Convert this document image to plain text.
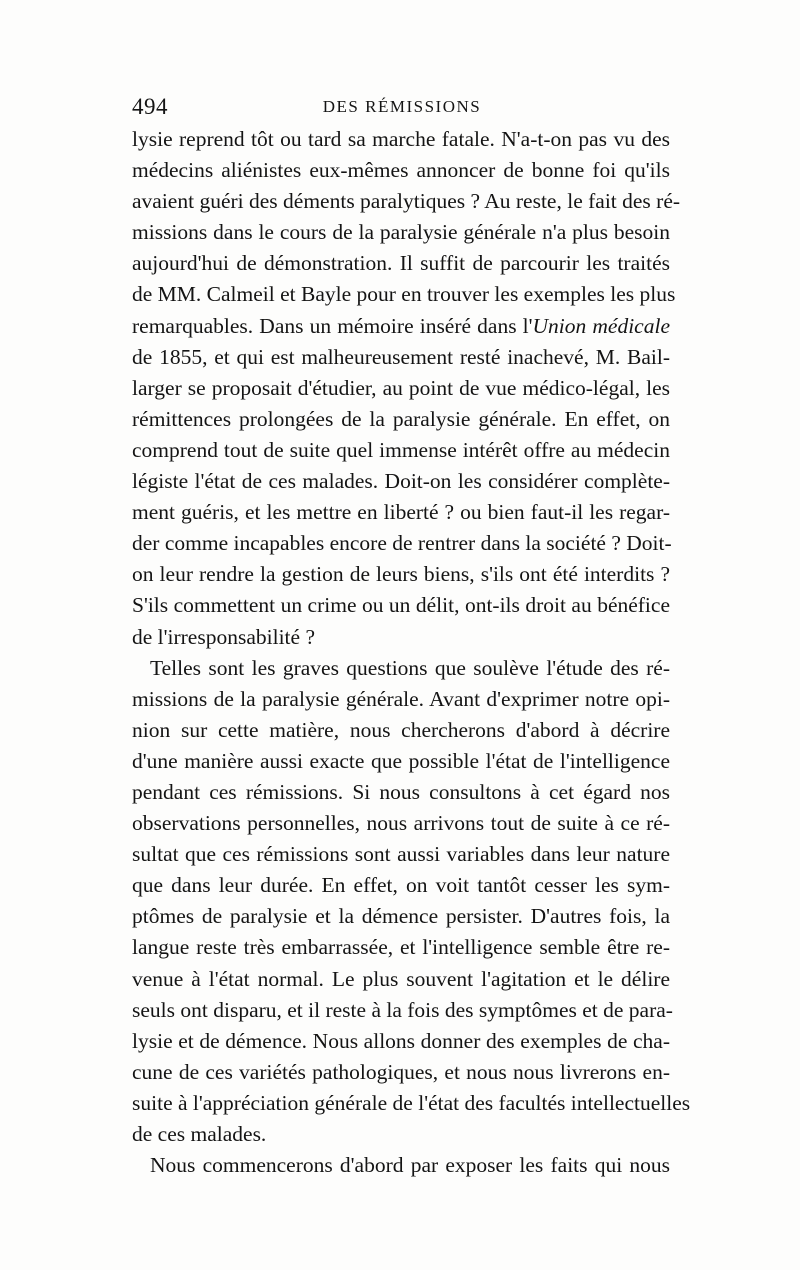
494	DES RÉMISSIONS
lysie reprend tôt ou tard sa marche fatale. N'a-t-on pas vu des
médecins aliénistes eux-mêmes annoncer de bonne foi qu'ils
avaient guéri des déments paralytiques ? Au reste, le fait des ré-
missions dans le cours de la paralysie générale n'a plus besoin
aujourd'hui de démonstration. Il suffit de parcourir les traités
de MM. Calmeil et Bayle pour en trouver les exemples les plus
remarquables. Dans un mémoire inséré dans l'Union médicale
de 1855, et qui est malheureusement resté inachevé, M. Bail-
larger se proposait d'étudier, au point de vue médico-légal, les
rémittences prolongées de la paralysie générale. En effet, on
comprend tout de suite quel immense intérêt offre au médecin
légiste l'état de ces malades. Doit-on les considérer complète-
ment guéris, et les mettre en liberté ? ou bien faut-il les regar-
der comme incapables encore de rentrer dans la société ? Doit-
on leur rendre la gestion de leurs biens, s'ils ont été interdits ?
S'ils commettent un crime ou un délit, ont-ils droit au bénéfice
de l'irresponsabilité ?
Telles sont les graves questions que soulève l'étude des ré-
missions de la paralysie générale. Avant d'exprimer notre opi-
nion sur cette matière, nous chercherons d'abord à décrire
d'une manière aussi exacte que possible l'état de l'intelligence
pendant ces rémissions. Si nous consultons à cet égard nos
observations personnelles, nous arrivons tout de suite à ce ré-
sultat que ces rémissions sont aussi variables dans leur nature
que dans leur durée. En effet, on voit tantôt cesser les sym-
ptômes de paralysie et la démence persister. D'autres fois, la
langue reste très embarrassée, et l'intelligence semble être re-
venue à l'état normal. Le plus souvent l'agitation et le délire
seuls ont disparu, et il reste à la fois des symptômes et de para-
lysie et de démence. Nous allons donner des exemples de cha-
cune de ces variétés pathologiques, et nous nous livrerons en-
suite à l'appréciation générale de l'état des facultés intellectuelles
de ces malades.
Nous commencerons d'abord par exposer les faits qui nous
